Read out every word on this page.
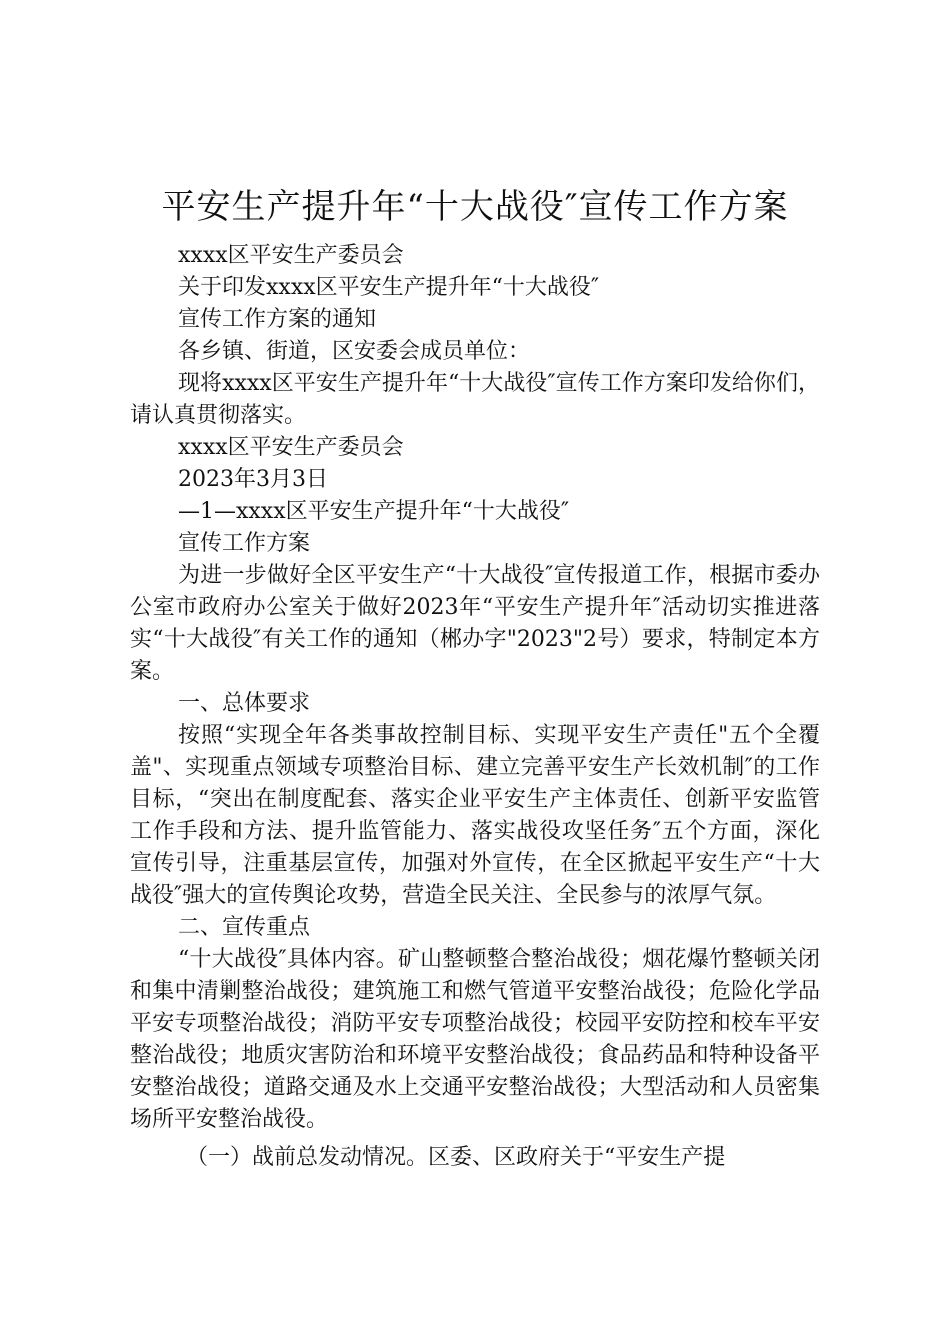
平安生产提升年“十大战役″宣传工作方案

xxxx区平安生产委员会

关于印发xxxx区平安生产提升年“十大战役″

宣传工作方案的通知

各乡镇、街道，区安委会成员单位：

现将xxxx区平安生产提升年“十大战役″宣传工作方案印发给你们，请认真贯彻落实。

xxxx区平安生产委员会

2023年3月3日

—1—xxxx区平安生产提升年“十大战役″

宣传工作方案

为进一步做好全区平安生产“十大战役″宣传报道工作，根据市委办公室市政府办公室关于做好2023年“平安生产提升年″活动切实推进落实“十大战役″有关工作的通知（郴办字"2023"2号）要求，特制定本方案。

一、总体要求

按照“实现全年各类事故控制目标、实现平安生产责任"五个全覆盖"、实现重点领域专项整治目标、建立完善平安生产长效机制″的工作目标，“突出在制度配套、落实企业平安生产主体责任、创新平安监管工作手段和方法、提升监管能力、落实战役攻坚任务″五个方面，深化宣传引导，注重基层宣传，加强对外宣传，在全区掀起平安生产“十大战役″强大的宣传舆论攻势，营造全民关注、全民参与的浓厚气氛。

二、宣传重点

“十大战役″具体内容。矿山整顿整合整治战役；烟花爆竹整顿关闭和集中清剿整治战役；建筑施工和燃气管道平安整治战役；危险化学品平安专项整治战役；消防平安专项整治战役；校园平安防控和校车平安整治战役；地质灾害防治和环境平安整治战役；食品药品和特种设备平安整治战役；道路交通及水上交通平安整治战役；大型活动和人员密集场所平安整治战役。

（一）战前总发动情况。区委、区政府关于“平安生产提
